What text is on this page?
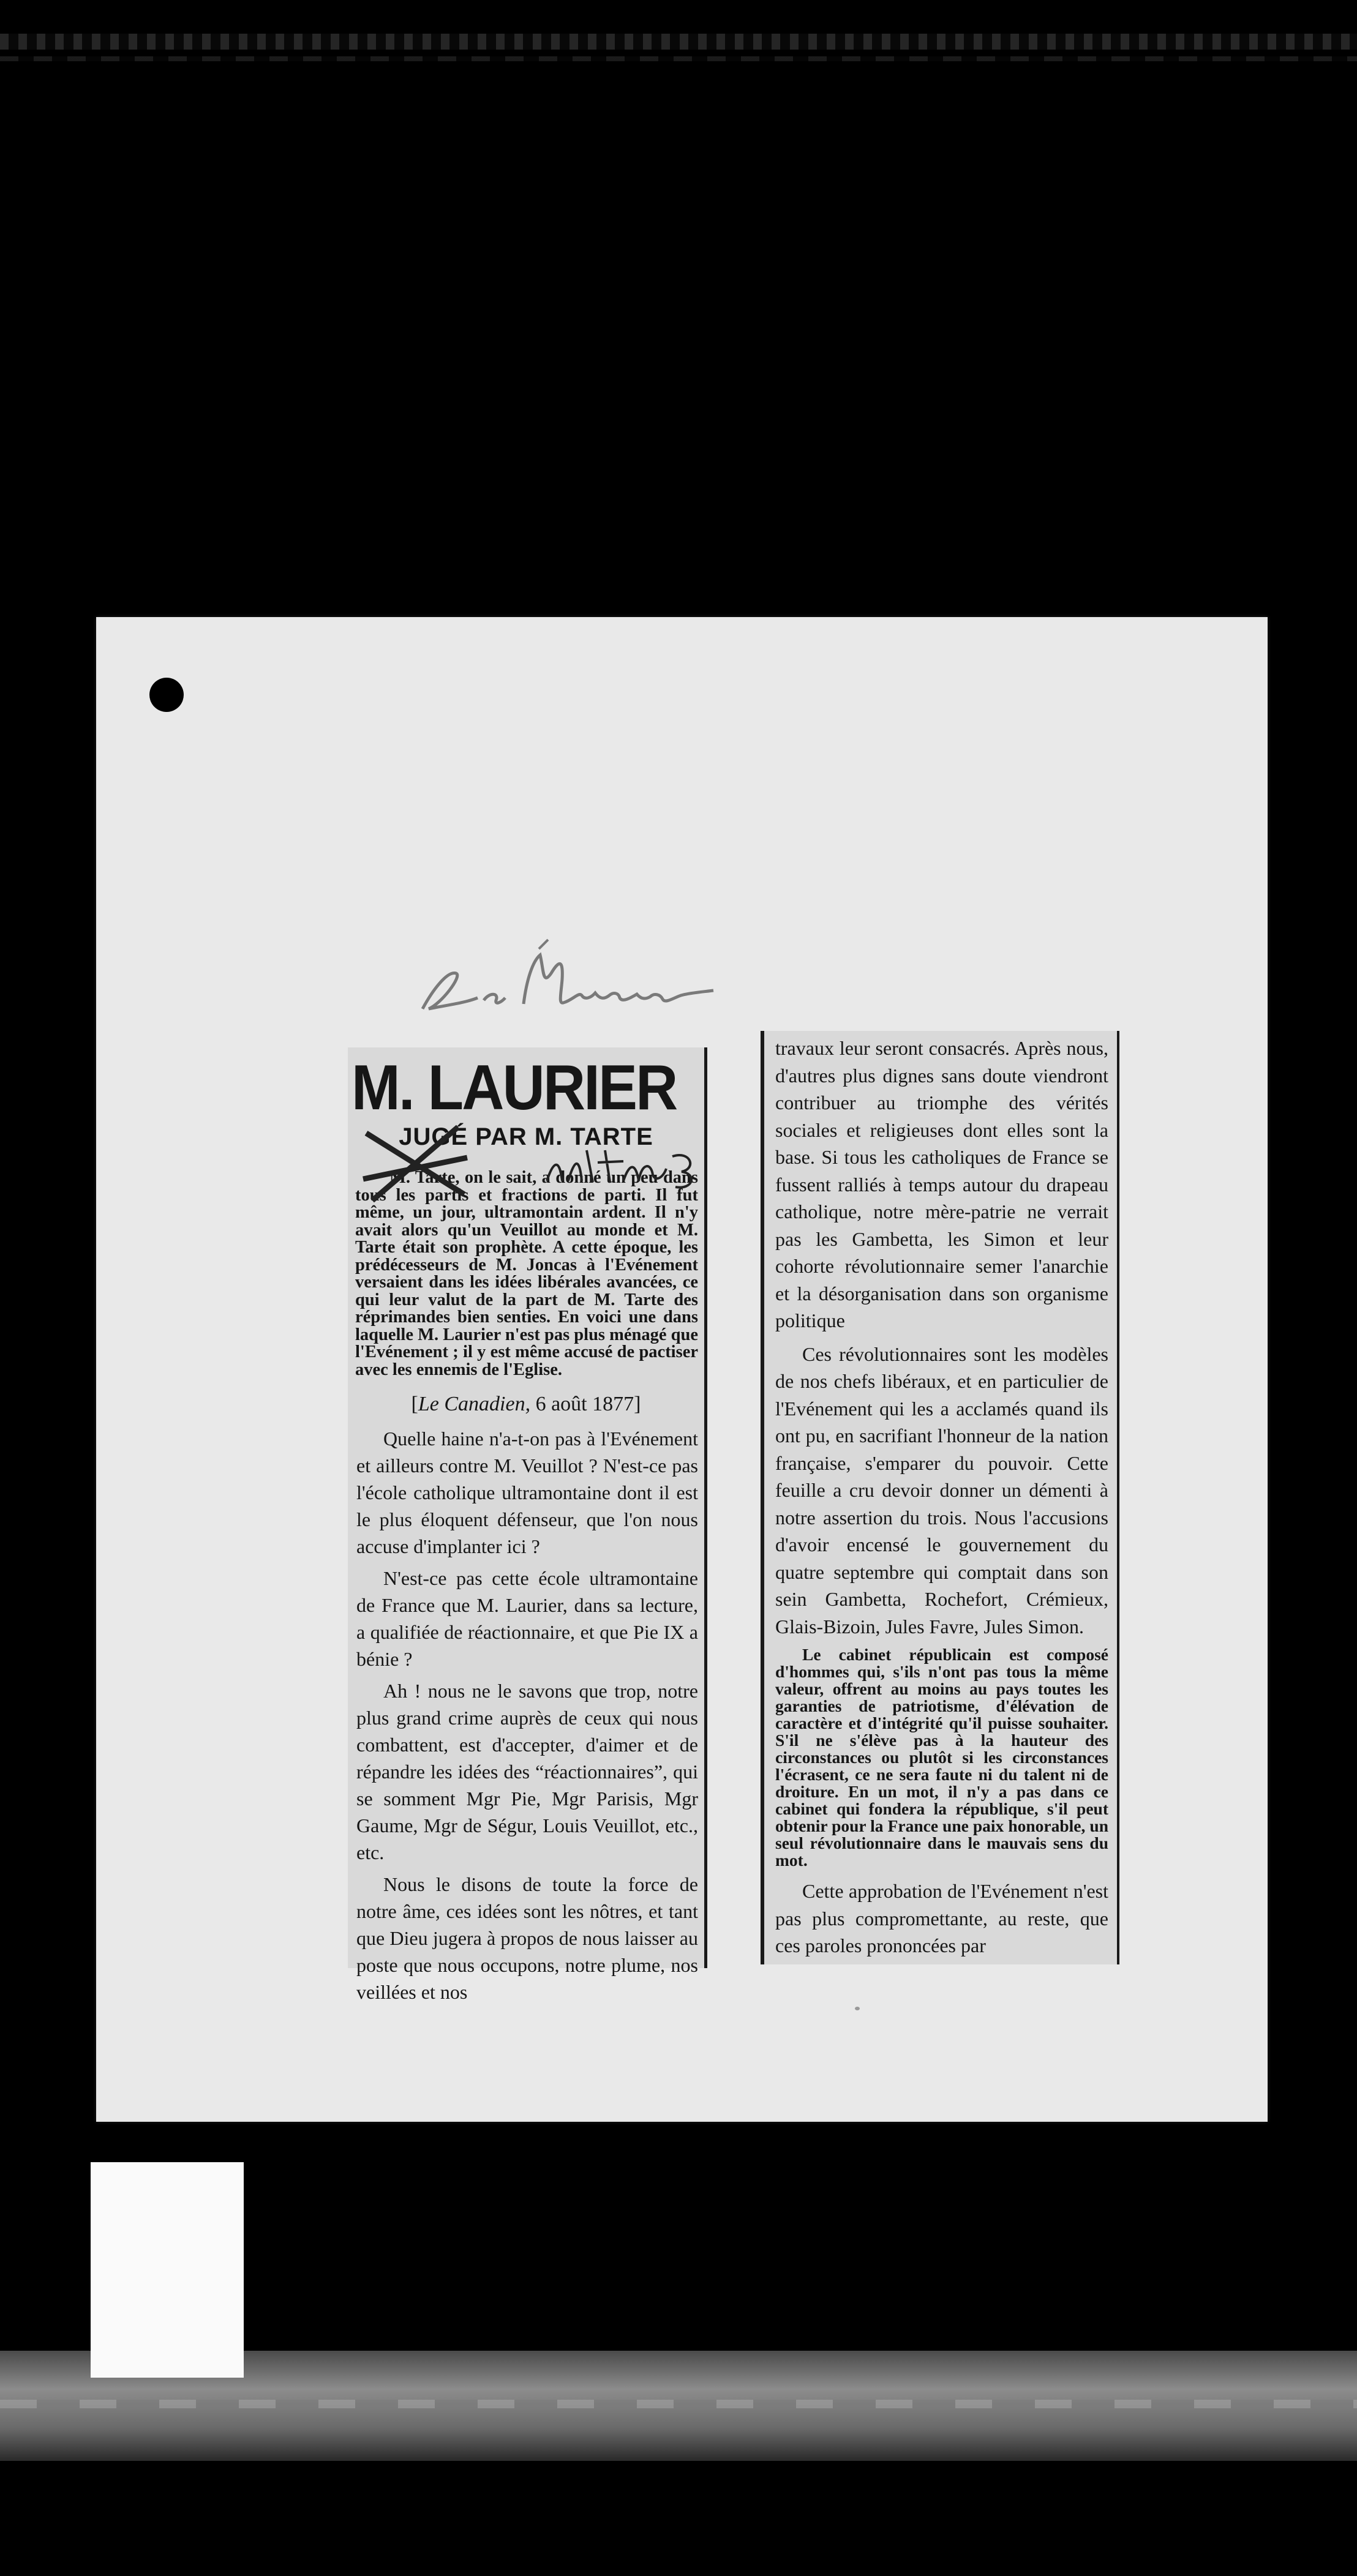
M. LAURIER
JUGÉ PAR M. TARTE

M. Tarte, on le sait, a donné un peu dans tous les partis et fractions de parti. Il fut même, un jour, ultramontain ardent. Il n'y avait alors qu'un Veuillot au monde et M. Tarte était son prophète. A cette époque, les prédécesseurs de M. Joncas à l'Evénement versaient dans les idées libérales avancées, ce qui leur valut de la part de M. Tarte des réprimandes bien senties. En voici une dans laquelle M. Laurier n'est pas plus ménagé que l'Evénement ; il y est même accusé de pactiser avec les ennemis de l'Eglise.

[Le Canadien, 6 août 1877]

Quelle haine n'a-t-on pas à l'Evénement et ailleurs contre M. Veuillot ? N'est-ce pas l'école catholique ultramontaine dont il est le plus éloquent défenseur, que l'on nous accuse d'implanter ici ?

N'est-ce pas cette école ultramontaine de France que M. Laurier, dans sa lecture, a qualifiée de réactionnaire, et que Pie IX a bénie ?

Ah ! nous ne le savons que trop, notre plus grand crime auprès de ceux qui nous combattent, est d'accepter, d'aimer et de répandre les idées des “réactionnaires”, qui se somment Mgr Pie, Mgr Parisis, Mgr Gaume, Mgr de Ségur, Louis Veuillot, etc., etc.

Nous le disons de toute la force de notre âme, ces idées sont les nôtres, et tant que Dieu jugera à propos de nous laisser au poste que nous occupons, notre plume, nos veillées et nos

travaux leur seront consacrés. Après nous, d'autres plus dignes sans doute viendront contribuer au triomphe des vérités sociales et religieuses dont elles sont la base. Si tous les catholiques de France se fussent ralliés à temps autour du drapeau catholique, notre mère-patrie ne verrait pas les Gambetta, les Simon et leur cohorte révolutionnaire semer l'anarchie et la désorganisation dans son organisme politique

Ces révolutionnaires sont les modèles de nos chefs libéraux, et en particulier de l'Evénement qui les a acclamés quand ils ont pu, en sacrifiant l'honneur de la nation française, s'emparer du pouvoir. Cette feuille a cru devoir donner un démenti à notre assertion du trois. Nous l'accusions d'avoir encensé le gouvernement du quatre septembre qui comptait dans son sein Gambetta, Rochefort, Crémieux, Glais-Bizoin, Jules Favre, Jules Simon.

Le cabinet républicain est composé d'hommes qui, s'ils n'ont pas tous la même valeur, offrent au moins au pays toutes les garanties de patriotisme, d'élévation de caractère et d'intégrité qu'il puisse souhaiter. S'il ne s'élève pas à la hauteur des circonstances ou plutôt si les circonstances l'écrasent, ce ne sera faute ni du talent ni de droiture. En un mot, il n'y a pas dans ce cabinet qui fondera la république, s'il peut obtenir pour la France une paix honorable, un seul révolutionnaire dans le mauvais sens du mot.

Cette approbation de l'Evénement n'est pas plus compromettante, au reste, que ces paroles prononcées par
